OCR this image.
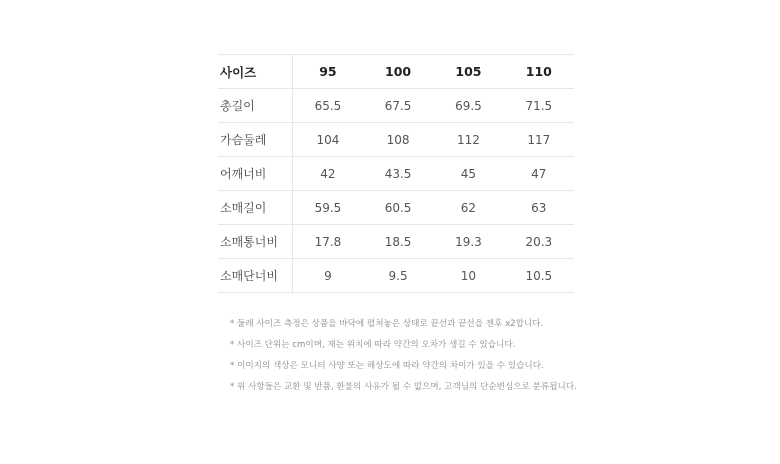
사이즈	95	100	105	110
총길이	65.5	67.5	69.5	71.5
가슴둘레	104	108	112	117
어깨너비	42	43.5	45	47
소매길이	59.5	60.5	62	63
소매통너비	17.8	18.5	19.3	20.3
소매단너비	9	9.5	10	10.5
* 둘레 사이즈 측정은 상품을 바닥에 펼쳐놓은 상태로 끝선과 끝선을 잰후 x2합니다.
* 사이즈 단위는 cm이며, 재는 위치에 따라 약간의 오차가 생길 수 있습니다.
* 이미지의 색상은 모니터 사양 또는 해상도에 따라 약간의 차이가 있을 수 있습니다.
* 위 사항들은 교환 및 반품, 환불의 사유가 될 수 없으며, 고객님의 단순변심으로 분류됩니다.
